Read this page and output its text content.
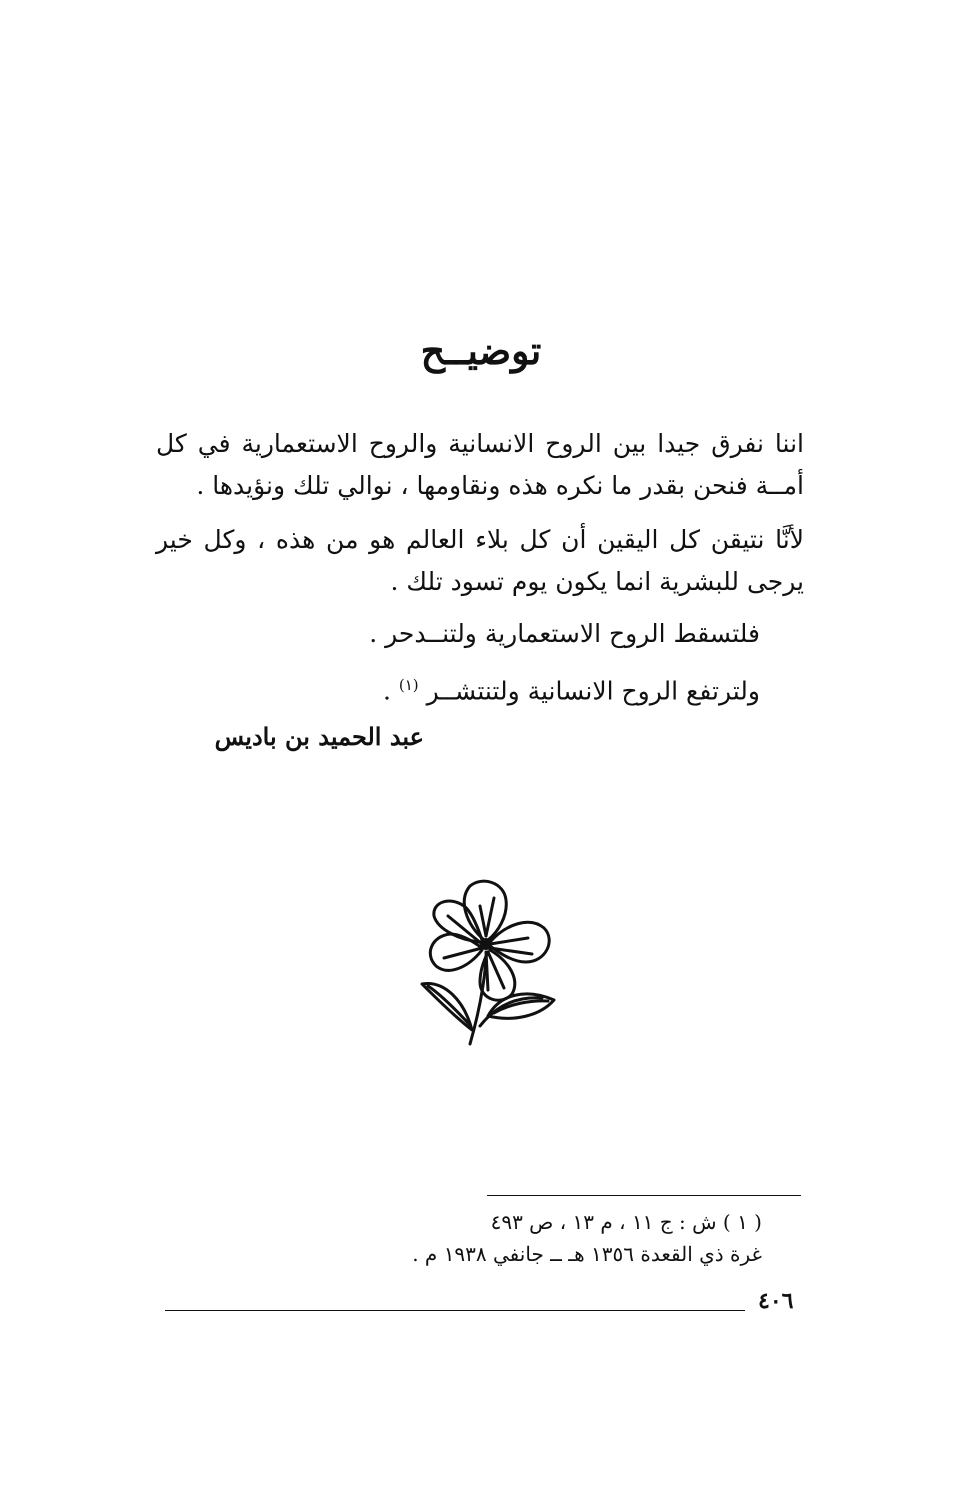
توضيــح
اننا نفرق جيدا بين الروح الانسانية والروح الاستعمارية في كل أمــة فنحن بقدر ما نكره هذه ونقاومها ، نوالي تلك ونؤيدها .
لأنَّا نتيقن كل اليقين أن كل بلاء العالم هو من هذه ، وكل خير يرجى للبشرية انما يكون يوم تسود تلك .
فلتسقط الروح الاستعمارية ولتنــدحر .
ولترتفع الروح الانسانية ولتنتشــر $^{(١)}$ .
عبد الحميد بن باديس
( ١ ) ش : ج ١١ ، م ١٣ ، ص ٤٩٣
غرة ذي القعدة ١٣٥٦ هـ ــ جانفي ١٩٣٨ م .
٤٠٦
